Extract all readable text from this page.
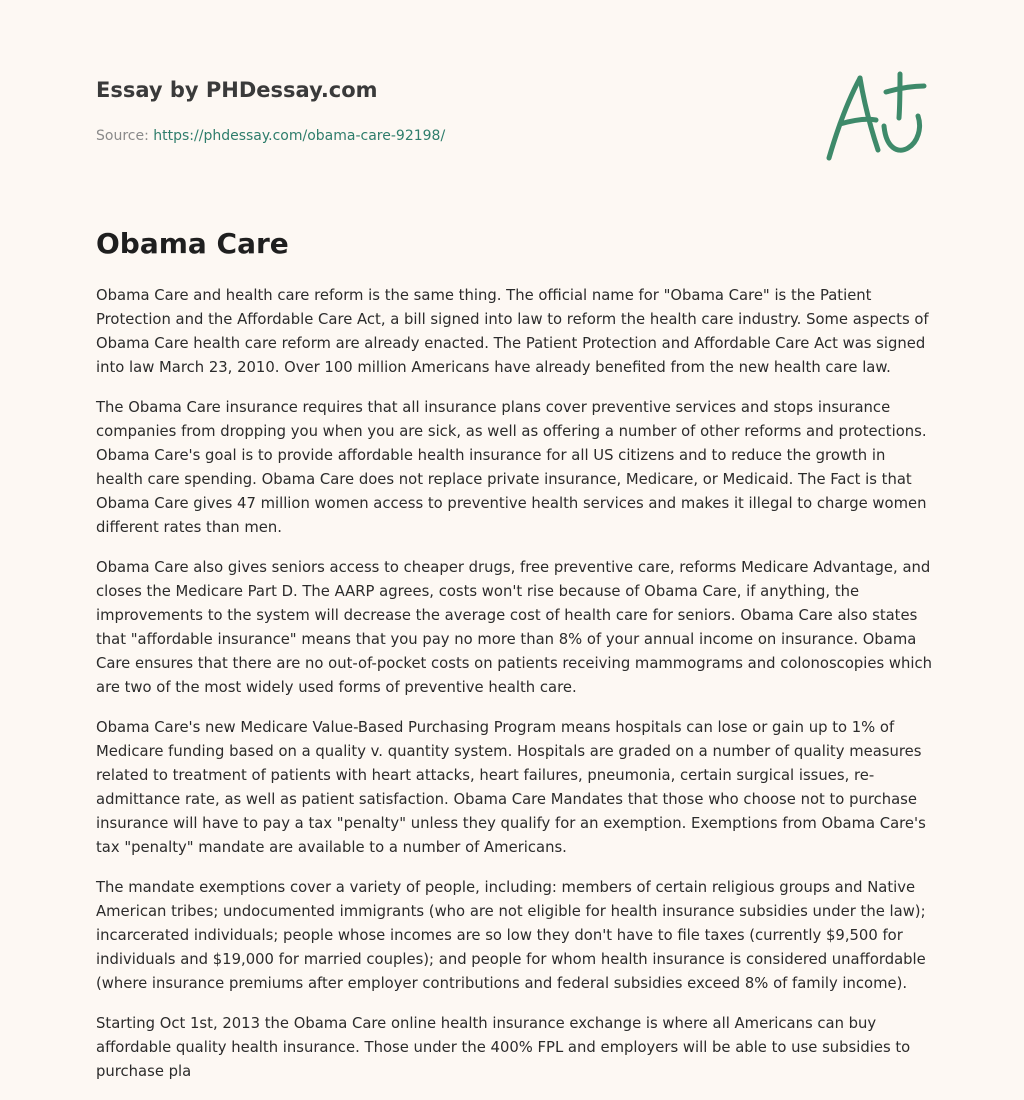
Essay by PHDessay.com
Source: https://phdessay.com/obama-care-92198/
Obama Care

Obama Care and health care reform is the same thing. The official name for "Obama Care" is the Patient Protection and the Affordable Care Act, a bill signed into law to reform the health care industry. Some aspects of Obama Care health care reform are already enacted. The Patient Protection and Affordable Care Act was signed into law March 23, 2010. Over 100 million Americans have already benefited from the new health care law.

The Obama Care insurance requires that all insurance plans cover preventive services and stops insurance companies from dropping you when you are sick, as well as offering a number of other reforms and protections. Obama Care's goal is to provide affordable health insurance for all US citizens and to reduce the growth in health care spending. Obama Care does not replace private insurance, Medicare, or Medicaid. The Fact is that Obama Care gives 47 million women access to preventive health services and makes it illegal to charge women different rates than men.

Obama Care also gives seniors access to cheaper drugs, free preventive care, reforms Medicare Advantage, and closes the Medicare Part D. The AARP agrees, costs won't rise because of Obama Care, if anything, the improvements to the system will decrease the average cost of health care for seniors. Obama Care also states that "affordable insurance" means that you pay no more than 8% of your annual income on insurance. Obama Care ensures that there are no out-of-pocket costs on patients receiving mammograms and colonoscopies which are two of the most widely used forms of preventive health care.

Obama Care's new Medicare Value-Based Purchasing Program means hospitals can lose or gain up to 1% of Medicare funding based on a quality v. quantity system. Hospitals are graded on a number of quality measures related to treatment of patients with heart attacks, heart failures, pneumonia, certain surgical issues, re-admittance rate, as well as patient satisfaction. Obama Care Mandates that those who choose not to purchase insurance will have to pay a tax "penalty" unless they qualify for an exemption. Exemptions from Obama Care's tax "penalty" mandate are available to a number of Americans.

The mandate exemptions cover a variety of people, including: members of certain religious groups and Native American tribes; undocumented immigrants (who are not eligible for health insurance subsidies under the law); incarcerated individuals; people whose incomes are so low they don't have to file taxes (currently $9,500 for individuals and $19,000 for married couples); and people for whom health insurance is considered unaffordable (where insurance premiums after employer contributions and federal subsidies exceed 8% of family income).

Starting Oct 1st, 2013 the Obama Care online health insurance exchange is where all Americans can buy affordable quality health insurance. Those under the 400% FPL and employers will be able to use subsidies to purchase pla
